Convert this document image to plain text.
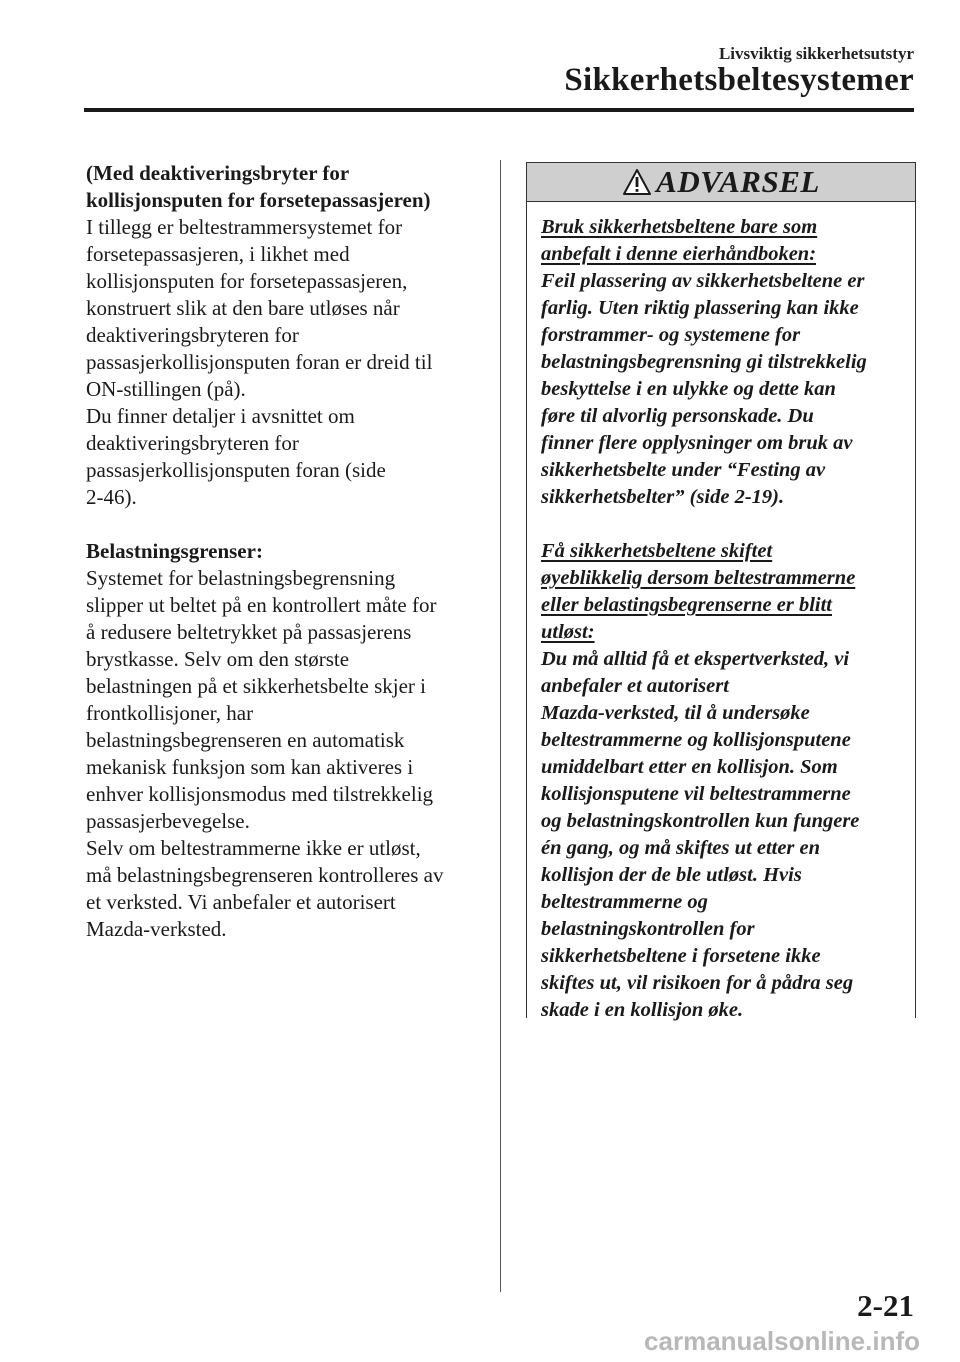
Livsviktig sikkerhetsutstyr
Sikkerhetsbeltesystemer

(Med deaktiveringsbryter for

kollisjonsputen for forsetepassasjeren)

I tillegg er beltestrammersystemet for
forsetepassasjeren, i likhet med
kollisjonsputen for forsetepassasjeren,
konstruert slik at den bare utløses når
deaktiveringsbryteren for
passasjerkollisjonsputen foran er dreid til
ON-stillingen (på).
Du finner detaljer i avsnittet om
deaktiveringsbryteren for
passasjerkollisjonsputen foran (side
2-46).

Belastningsgrenser:

Systemet for belastningsbegrensning
slipper ut beltet på en kontrollert måte for
å redusere beltetrykket på passasjerens
brystkasse. Selv om den største
belastningen på et sikkerhetsbelte skjer i
frontkollisjoner, har
belastningsbegrenseren en automatisk
mekanisk funksjon som kan aktiveres i
enhver kollisjonsmodus med tilstrekkelig
passasjerbevegelse.
Selv om beltestrammerne ikke er utløst,
må belastningsbegrenseren kontrolleres av
et verksted. Vi anbefaler et autorisert
Mazda-verksted.
ADVARSEL
Bruk sikkerhetsbeltene bare som
anbefalt i denne eierhåndboken:
Feil plassering av sikkerhetsbeltene er
farlig. Uten riktig plassering kan ikke
forstrammer- og systemene for
belastningsbegrensning gi tilstrekkelig
beskyttelse i en ulykke og dette kan
føre til alvorlig personskade. Du
finner flere opplysninger om bruk av
sikkerhetsbelte under “Festing av
sikkerhetsbelter” (side 2-19).
Få sikkerhetsbeltene skiftet
øyeblikkelig dersom beltestrammerne
eller belastingsbegrenserne er blitt
utløst:
Du må alltid få et ekspertverksted, vi
anbefaler et autorisert
Mazda-verksted, til å undersøke
beltestrammerne og kollisjonsputene
umiddelbart etter en kollisjon. Som
kollisjonsputene vil beltestrammerne
og belastningskontrollen kun fungere
én gang, og må skiftes ut etter en
kollisjon der de ble utløst. Hvis
beltestrammerne og
belastningskontrollen for
sikkerhetsbeltene i forsetene ikke
skiftes ut, vil risikoen for å pådra seg
skade i en kollisjon øke.
2-21
carmanualsonline.info
